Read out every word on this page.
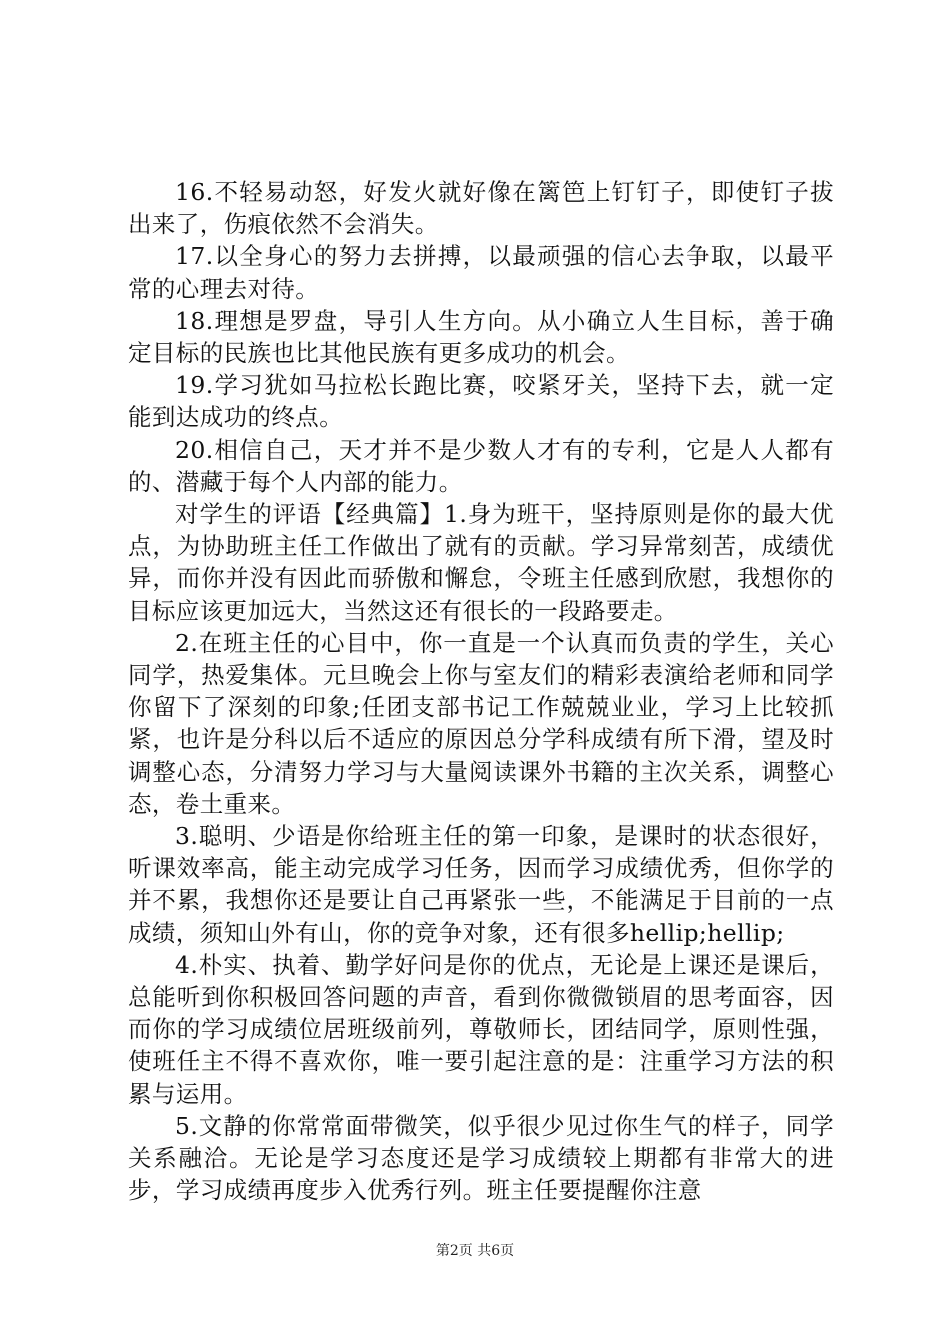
16.不轻易动怒，好发火就好像在篱笆上钉钉子，即使钉子拔出来了，伤痕依然不会消失。

17.以全身心的努力去拼搏，以最顽强的信心去争取，以最平常的心理去对待。

18.理想是罗盘，导引人生方向。从小确立人生目标，善于确定目标的民族也比其他民族有更多成功的机会。

19.学习犹如马拉松长跑比赛，咬紧牙关，坚持下去，就一定能到达成功的终点。

20.相信自己，天才并不是少数人才有的专利，它是人人都有的、潜藏于每个人内部的能力。

对学生的评语【经典篇】1.身为班干，坚持原则是你的最大优点，为协助班主任工作做出了就有的贡献。学习异常刻苦，成绩优异，而你并没有因此而骄傲和懈怠，令班主任感到欣慰，我想你的目标应该更加远大，当然这还有很长的一段路要走。

2.在班主任的心目中，你一直是一个认真而负责的学生，关心同学，热爱集体。元旦晚会上你与室友们的精彩表演给老师和同学你留下了深刻的印象;任团支部书记工作兢兢业业，学习上比较抓紧，也许是分科以后不适应的原因总分学科成绩有所下滑，望及时调整心态，分清努力学习与大量阅读课外书籍的主次关系，调整心态，卷土重来。

3.聪明、少语是你给班主任的第一印象，是课时的状态很好，听课效率高，能主动完成学习任务，因而学习成绩优秀，但你学的并不累，我想你还是要让自己再紧张一些，不能满足于目前的一点成绩，须知山外有山，你的竞争对象，还有很多hellip;hellip;

4.朴实、执着、勤学好问是你的优点，无论是上课还是课后，总能听到你积极回答问题的声音，看到你微微锁眉的思考面容，因而你的学习成绩位居班级前列，尊敬师长，团结同学，原则性强，使班任主不得不喜欢你，唯一要引起注意的是：注重学习方法的积累与运用。

5.文静的你常常面带微笑，似乎很少见过你生气的样子，同学关系融洽。无论是学习态度还是学习成绩较上期都有非常大的进步，学习成绩再度步入优秀行列。班主任要提醒你注意

第2页 共6页
